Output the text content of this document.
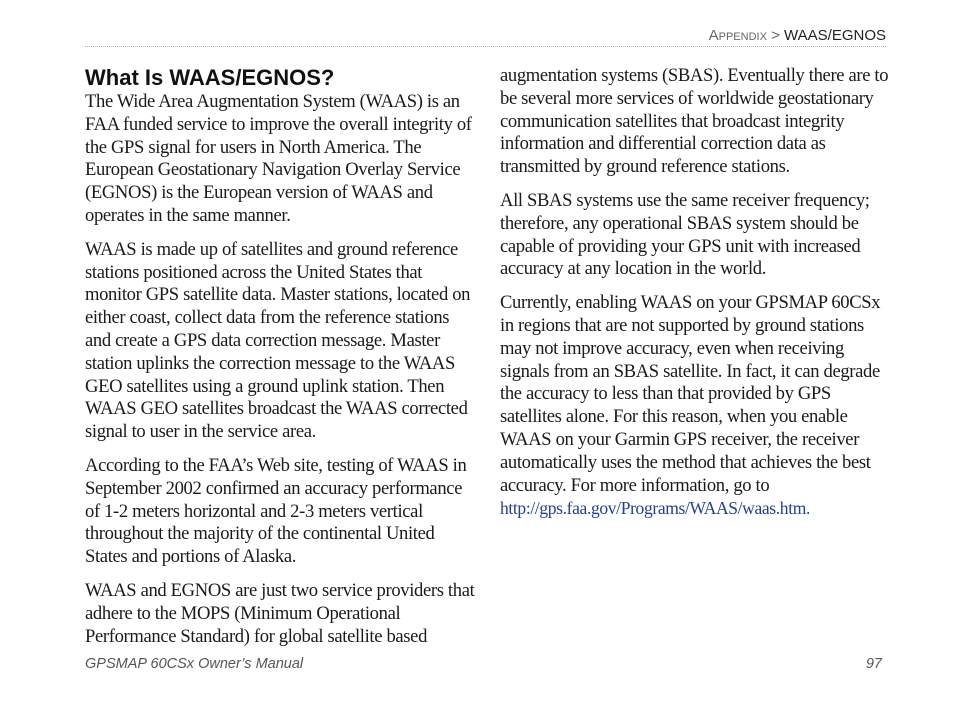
Appendix > WAAS/EGNOS
What Is WAAS/EGNOS?

The Wide Area Augmentation System (WAAS) is an FAA funded service to improve the overall integrity of the GPS signal for users in North America. The European Geostationary Navigation Overlay Service (EGNOS) is the European version of WAAS and operates in the same manner.

WAAS is made up of satellites and ground reference stations positioned across the United States that monitor GPS satellite data. Master stations, located on either coast, collect data from the reference stations and create a GPS data correction message. Master station uplinks the correction message to the WAAS GEO satellites using a ground uplink station. Then WAAS GEO satellites broadcast the WAAS corrected signal to user in the service area.

According to the FAA’s Web site, testing of WAAS in September 2002 confirmed an accuracy performance of 1-2 meters horizontal and 2-3 meters vertical throughout the majority of the continental United States and portions of Alaska.

WAAS and EGNOS are just two service providers that adhere to the MOPS (Minimum Operational Performance Standard) for global satellite based

augmentation systems (SBAS). Eventually there are to be several more services of worldwide geostationary communication satellites that broadcast integrity information and differential correction data as transmitted by ground reference stations.

All SBAS systems use the same receiver frequency; therefore, any operational SBAS system should be capable of providing your GPS unit with increased accuracy at any location in the world.

Currently, enabling WAAS on your GPSMAP 60CSx in regions that are not supported by ground stations may not improve accuracy, even when receiving signals from an SBAS satellite. In fact, it can degrade the accuracy to less than that provided by GPS satellites alone. For this reason, when you enable WAAS on your Garmin GPS receiver, the receiver automatically uses the method that achieves the best accuracy. For more information, go to

http://gps.faa.gov/Programs/WAAS/waas.htm.
GPSMAP 60CSx Owner’s Manual	97
